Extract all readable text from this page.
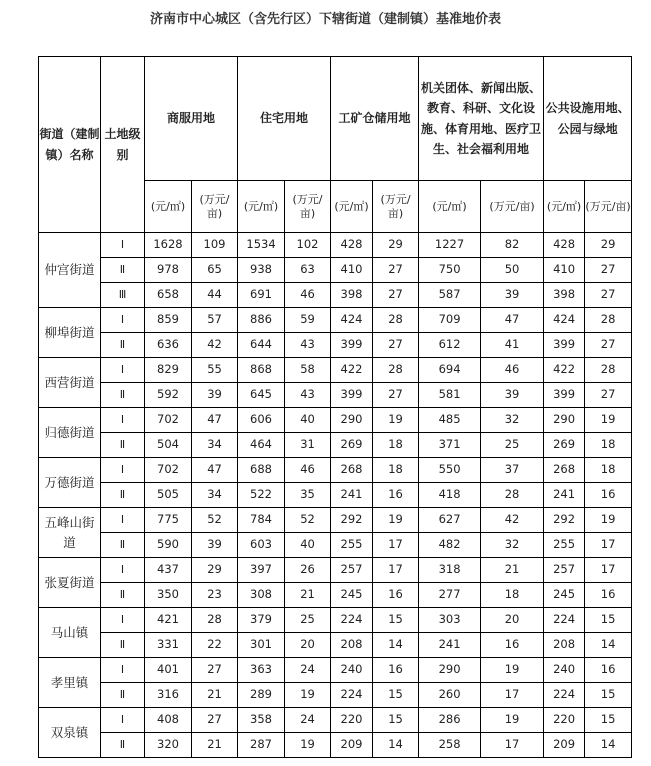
济南市中心城区（含先行区）下辖街道（建制镇）基准地价表
街道（建制镇）名称	土地级别	商服用地		住宅用地		工矿仓储用地		机关团体、新闻出版、教育、科研、文化设施、体育用地、医疗卫生、社会福利用地		公共设施用地、公园与绿地	
		(元/㎡)	(万元/亩)	(元/㎡)	(万元/亩)	(元/㎡)	(万元/亩)	(元/㎡)	(万元/亩)	(元/㎡)	(万元/亩)
仲宫街道	Ⅰ	1628	109	1534	102	428	29	1227	82	428	29
	Ⅱ	978	65	938	63	410	27	750	50	410	27
	Ⅲ	658	44	691	46	398	27	587	39	398	27
柳埠街道	Ⅰ	859	57	886	59	424	28	709	47	424	28
	Ⅱ	636	42	644	43	399	27	612	41	399	27
西营街道	Ⅰ	829	55	868	58	422	28	694	46	422	28
	Ⅱ	592	39	645	43	399	27	581	39	399	27
归德街道	Ⅰ	702	47	606	40	290	19	485	32	290	19
	Ⅱ	504	34	464	31	269	18	371	25	269	18
万德街道	Ⅰ	702	47	688	46	268	18	550	37	268	18
	Ⅱ	505	34	522	35	241	16	418	28	241	16
五峰山街道	Ⅰ	775	52	784	52	292	19	627	42	292	19
	Ⅱ	590	39	603	40	255	17	482	32	255	17
张夏街道	Ⅰ	437	29	397	26	257	17	318	21	257	17
	Ⅱ	350	23	308	21	245	16	277	18	245	16
马山镇	Ⅰ	421	28	379	25	224	15	303	20	224	15
	Ⅱ	331	22	301	20	208	14	241	16	208	14
孝里镇	Ⅰ	401	27	363	24	240	16	290	19	240	16
	Ⅱ	316	21	289	19	224	15	260	17	224	15
双泉镇	Ⅰ	408	27	358	24	220	15	286	19	220	15
	Ⅱ	320	21	287	19	209	14	258	17	209	14
